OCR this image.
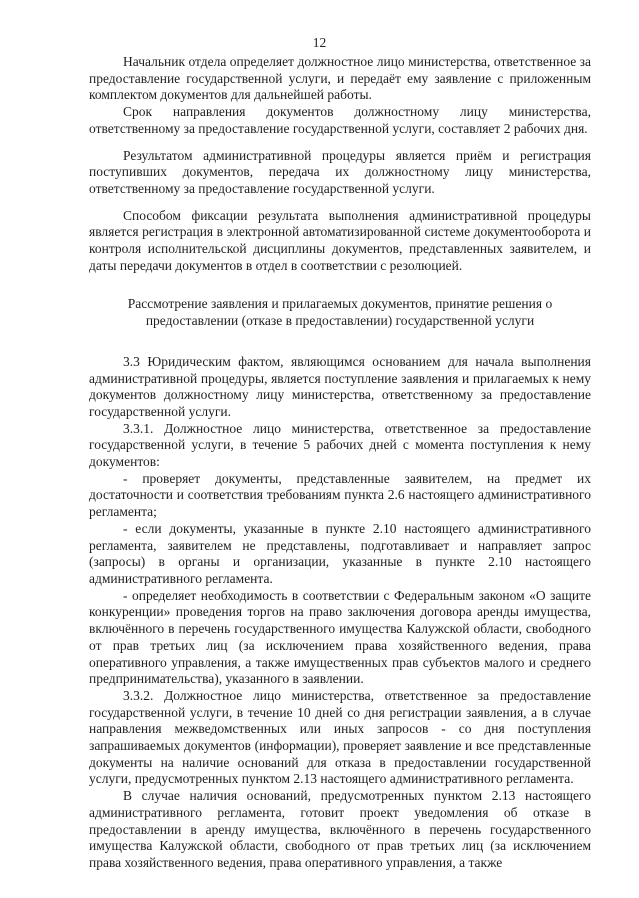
12

Начальник отдела определяет должностное лицо министерства, ответственное за предоставление государственной услуги, и передаёт ему заявление с приложенным комплектом документов для дальнейшей работы.

Срок направления документов должностному лицу министерства, ответственному за предоставление государственной услуги, составляет 2 рабочих дня.

Результатом административной процедуры является приём и регистрация поступивших документов, передача их должностному лицу министерства, ответственному за предоставление государственной услуги.

Способом фиксации результата выполнения административной процедуры является регистрация в электронной автоматизированной системе документооборота и контроля исполнительской дисциплины документов, представленных заявителем, и даты передачи документов в отдел в соответствии с резолюцией.

Рассмотрение заявления и прилагаемых документов, принятие решения о предоставлении (отказе в предоставлении) государственной услуги

3.3 Юридическим фактом, являющимся основанием для начала выполнения административной процедуры, является поступление заявления и прилагаемых к нему документов должностному лицу министерства, ответственному за предоставление государственной услуги.

3.3.1. Должностное лицо министерства, ответственное за предоставление государственной услуги, в течение 5 рабочих дней с момента поступления к нему документов:

- проверяет документы, представленные заявителем, на предмет их достаточности и соответствия требованиям пункта 2.6 настоящего административного регламента;

- если документы, указанные в пункте 2.10 настоящего административного регламента, заявителем не представлены, подготавливает и направляет запрос (запросы) в органы и организации, указанные в пункте 2.10 настоящего административного регламента.

- определяет необходимость в соответствии с Федеральным законом «О защите конкуренции» проведения торгов на право заключения договора аренды имущества, включённого в перечень государственного имущества Калужской области, свободного от прав третьих лиц (за исключением права хозяйственного ведения, права оперативного управления, а также имущественных прав субъектов малого и среднего предпринимательства), указанного в заявлении.

3.3.2. Должностное лицо министерства, ответственное за предоставление государственной услуги, в течение 10 дней со дня регистрации заявления, а в случае направления межведомственных или иных запросов - со дня поступления запрашиваемых документов (информации), проверяет заявление и все представленные документы на наличие оснований для отказа в предоставлении государственной услуги, предусмотренных пунктом 2.13 настоящего административного регламента.

В случае наличия оснований, предусмотренных пунктом 2.13 настоящего административного регламента, готовит проект уведомления об отказе в предоставлении в аренду имущества, включённого в перечень государственного имущества Калужской области, свободного от прав третьих лиц (за исключением права хозяйственного ведения, права оперативного управления, а также
